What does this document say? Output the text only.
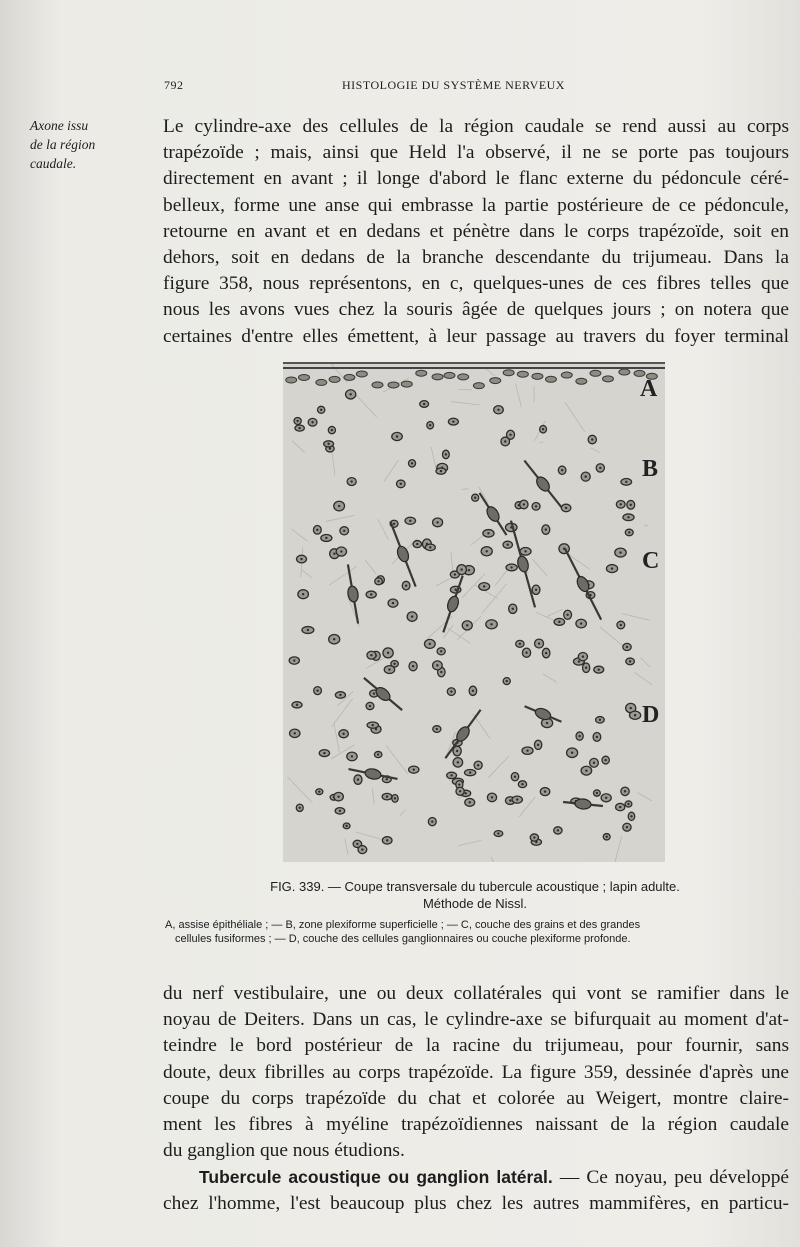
792	HISTOLOGIE DU SYSTÈME NERVEUX
Axone issu
de la région
caudale.
Le cylindre-axe des cellules de la région caudale se rend aussi au corps
trapézoïde ; mais, ainsi que Held l'a observé, il ne se porte pas toujours
directement en avant ; il longe d'abord le flanc externe du pédoncule céré-
belleux, forme une anse qui embrasse la partie postérieure de ce pédoncule,
retourne en avant et en dedans et pénètre dans le corps trapézoïde, soit en
dehors, soit en dedans de la branche descendante du trijumeau. Dans la
figure 358, nous représentons, en c, quelques-unes de ces fibres telles que
nous les avons vues chez la souris âgée de quelques jours ; on notera que
certaines d'entre elles émettent, à leur passage au travers du foyer terminal
A
B
C
D
FIG. 339. — Coupe transversale du tubercule acoustique ; lapin adulte.
Méthode de Nissl.
A, assise épithéliale ; — B, zone plexiforme superficielle ; — C, couche des grains et des grandes
cellules fusiformes ; — D, couche des cellules ganglionnaires ou couche plexiforme profonde.
du nerf vestibulaire, une ou deux collatérales qui vont se ramifier dans le
noyau de Deiters. Dans un cas, le cylindre-axe se bifurquait au moment d'at-
teindre le bord postérieur de la racine du trijumeau, pour fournir, sans
doute, deux fibrilles au corps trapézoïde. La figure 359, dessinée d'après une
coupe du corps trapézoïde du chat et colorée au Weigert, montre claire-
ment les fibres à myéline trapézoïdiennes naissant de la région caudale
du ganglion que nous étudions.
Tubercule acoustique ou ganglion latéral. — Ce noyau, peu développé
chez l'homme, l'est beaucoup plus chez les autres mammifères, en particu-
